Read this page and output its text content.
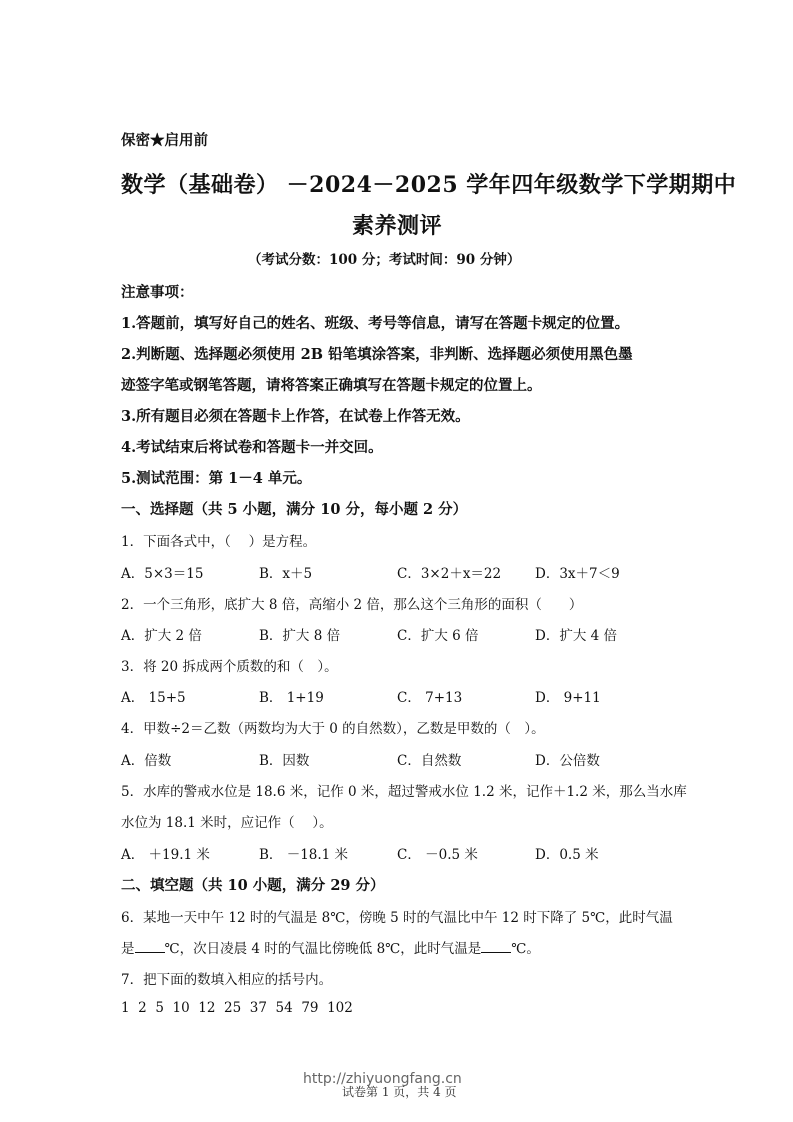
保密★启用前
数学（基础卷） －2024－2025 学年四年级数学下学期期中
素养测评
（考试分数：100 分；考试时间：90 分钟）
注意事项：
1.答题前，填写好自己的姓名、班级、考号等信息，请写在答题卡规定的位置。
2.判断题、选择题必须使用 2B 铅笔填涂答案，非判断、选择题必须使用黑色墨
迹签字笔或钢笔答题，请将答案正确填写在答题卡规定的位置上。
3.所有题目必须在答题卡上作答，在试卷上作答无效。
4.考试结束后将试卷和答题卡一并交回。
5.测试范围：第 1－4 单元。
一、选择题（共 5 小题，满分 10 分，每小题 2 分）
1．下面各式中，（　 ）是方程。
A．5×3＝15	B．x＋5	C．3×2＋x＝22	D．3x＋7＜9
2．一个三角形，底扩大 8 倍，高缩小 2 倍，那么这个三角形的面积（　　）
A．扩大 2 倍	B．扩大 8 倍	C．扩大 6 倍	D．扩大 4 倍
3．将 20 拆成两个质数的和（　）。
A． 15+5	B． 1+19	C． 7+13	D． 9+11
4．甲数÷2＝乙数（两数均为大于 0 的自然数），乙数是甲数的（　）。
A．倍数	B．因数	C．自然数	D．公倍数
5．水库的警戒水位是 18.6 米，记作 0 米，超过警戒水位 1.2 米，记作＋1.2 米，那么当水库
水位为 18.1 米时，应记作（　 ）。
A． ＋19.1 米	B． －18.1 米	C． －0.5 米	D．0.5 米
二、填空题（共 10 小题，满分 29 分）
6．某地一天中午 12 时的气温是 8℃，傍晚 5 时的气温比中午 12 时下降了 5℃，此时气温
是 ℃，次日凌晨 4 时的气温比傍晚低 8℃，此时气温是 ℃。
7．把下面的数填入相应的括号内。
1  2  5  10  12  25  37  54  79  102
试卷第 1 页，共 4 页
http://zhiyuongfang.cn
